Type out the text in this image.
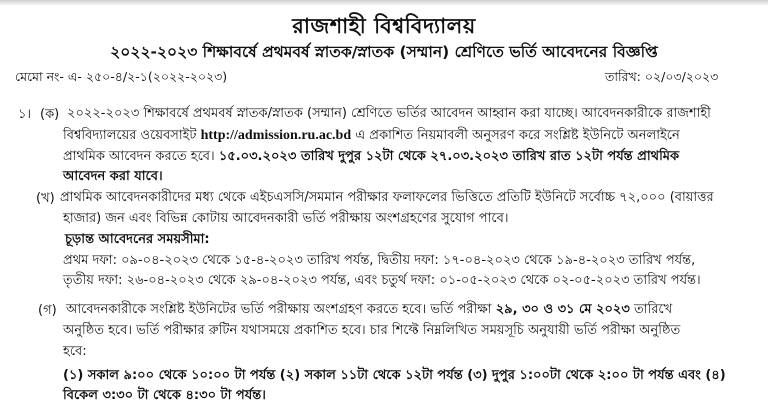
রাজশাহী বিশ্ববিদ্যালয়
২০২২-২০২৩ শিক্ষাবর্ষে প্রথমবর্ষ স্নাতক/স্নাতক (সম্মান) শ্রেণিতে ভর্তি আবেদনের বিজ্ঞপ্তি
মেমো নং- এ- ২৫০-৪/২-১(২০২২-২০২৩)	তারিখ: ০২/০৩/২০২৩
১। (ক) ২০২২-২০২৩ শিক্ষাবর্ষে প্রথমবর্ষ স্নাতক/স্নাতক (সম্মান) শ্রেণিতে ভর্তির আবেদন আহ্বান করা যাচ্ছে। আবেদনকারীকে রাজশাহী
বিশ্ববিদ্যালয়ের ওয়েবসাইট http://admission.ru.ac.bd এ প্রকাশিত নিয়মাবলী অনুসরণ করে সংশ্লিষ্ট ইউনিটে অনলাইনে
প্রাথমিক আবেদন করতে হবে। ১৫.০৩.২০২৩ তারিখ দুপুর ১২টা থেকে ২৭.০৩.২০২৩ তারিখ রাত ১২টা পর্যন্ত প্রাথমিক
আবেদন করা যাবে।
(খ) প্রাথমিক আবেদনকারীদের মধ্য থেকে এইচএসসি/সমমান পরীক্ষার ফলাফলের ভিত্তিতে প্রতিটি ইউনিটে সর্বোচ্চ ৭২,০০০ (বায়াত্তর
হাজার) জন এবং বিভিন্ন কোটায় আবেদনকারী ভর্তি পরীক্ষায় অংশগ্রহণের সুযোগ পাবে।
চূড়ান্ত আবেদনের সময়সীমা:
প্রথম দফা: ০৯-০৪-২০২৩ থেকে ১৫-৪-২০২৩ তারিখ পর্যন্ত, দ্বিতীয় দফা: ১৭-০৪-২০২৩ থেকে ১৯-৪-২০২৩ তারিখ পর্যন্ত,
তৃতীয় দফা: ২৬-০৪-২০২৩ থেকে ২৯-০৪-২০২৩ পর্যন্ত, এবং চতুর্থ দফা: ০১-০৫-২০২৩ থেকে ০২-০৫-২০২৩ তারিখ পর্যন্ত।
(গ) আবেদনকারীকে সংশ্লিষ্ট ইউনিটের ভর্তি পরীক্ষায় অংশগ্রহণ করতে হবে। ভর্তি পরীক্ষা ২৯, ৩০ ও ৩১ মে ২০২৩ তারিখে
অনুষ্ঠিত হবে। ভর্তি পরীক্ষার রুটিন যথাসময়ে প্রকাশিত হবে। চার শিফ্টে নিম্নলিখিত সময়সূচি অনুযায়ী ভর্তি পরীক্ষা অনুষ্ঠিত
হবে:
(১) সকাল ৯:০০ থেকে ১০:০০ টা পর্যন্ত (২) সকাল ১১টা থেকে ১২টা পর্যন্ত (৩) দুপুর ১:০০টা থেকে ২:০০ টা পর্যন্ত এবং (৪)
বিকেল ৩:৩০ টা থেকে ৪:৩০ টা পর্যন্ত।
